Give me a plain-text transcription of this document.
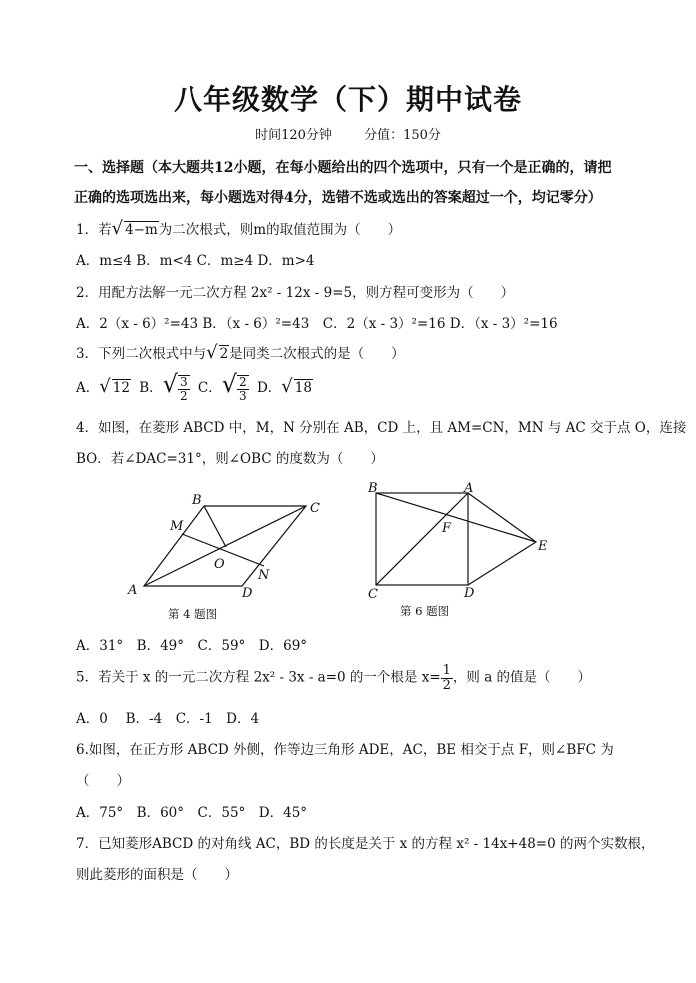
八年级数学（下）期中试卷
时间120分钟 分值：150分
一、选择题（本大题共12小题，在每小题给出的四个选项中，只有一个是正确的，请把
正确的选项选出来，每小题选对得4分，选错不选或选出的答案超过一个，均记零分）
1．若√ 4−m为二次根式，则m的取值范围为（　　）
A．m≤4 B．m<4 C．m≥4 D．m>4
2．用配方法解一元二次方程 2x² - 12x - 9=5，则方程可变形为（　　）
A．2（x - 6）²=43 B．（x - 6）²=43　C．2（x - 3）²=16 D．（x - 3）²=16
3．下列二次根式中与√ 2是同类二次根式的是（　　）
A．√ 12 B．√ $\frac{3}{2}$ C．√ $\frac{2}{3}$ D．√ 18
4．如图，在菱形 ABCD 中，M，N 分别在 AB，CD 上，且 AM=CN，MN 与 AC 交于点 O，连接
BO．若∠DAC=31°，则∠OBC 的度数为（　　）
B
C
M
O
N
A	D
第 4 题图
B	A
F
E
C	D
第 6 题图
A．31°　B．49°　C．59°　D．69°
5．若关于 x 的一元二次方程 2x² - 3x - a=0 的一个根是 $x= \frac{1}{2}$ ，则 a 的值是（　　）
A．0　 B．-4　C．-1　D．4
6.如图，在正方形 ABCD 外侧，作等边三角形 ADE，AC，BE 相交于点 F，则∠BFC 为
（　　）
A．75°　B．60°　C．55°　D．45°
7．已知菱形ABCD 的对角线 AC，BD 的长度是关于 x 的方程 x² - 14x+48=0 的两个实数根，
则此菱形的面积是（　　）
